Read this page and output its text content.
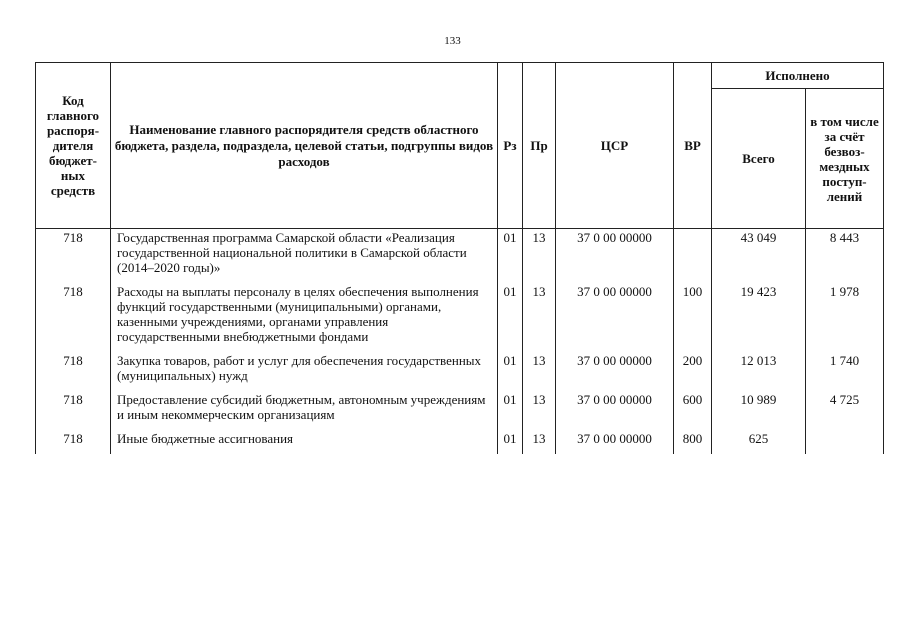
133
Код главного распоря-дителя бюджет-ных средств	Наименование главного распорядителя средств областного бюджета, раздела, подраздела, целевой статьи, подгруппы видов расходов	Рз	Пр	ЦСР	ВР	Исполнено	
						Всего	в том числе за счёт безвоз-мездных поступ-лений
718	Государственная программа Самарской области «Реализация государственной национальной политики в Самарской области (2014–2020 годы)»	01	13	37 0 00 00000		43 049	8 443
718	Расходы на выплаты персоналу в целях обеспечения выполнения функций государственными (муниципальными) органами, казенными учреждениями, органами управления государственными внебюджетными фондами	01	13	37 0 00 00000	100	19 423	1 978
718	Закупка товаров, работ и услуг для обеспечения государственных (муниципальных) нужд	01	13	37 0 00 00000	200	12 013	1 740
718	Предоставление субсидий бюджетным, автономным учреждениям и иным некоммерческим организациям	01	13	37 0 00 00000	600	10 989	4 725
718	Иные бюджетные ассигнования	01	13	37 0 00 00000	800	625	
